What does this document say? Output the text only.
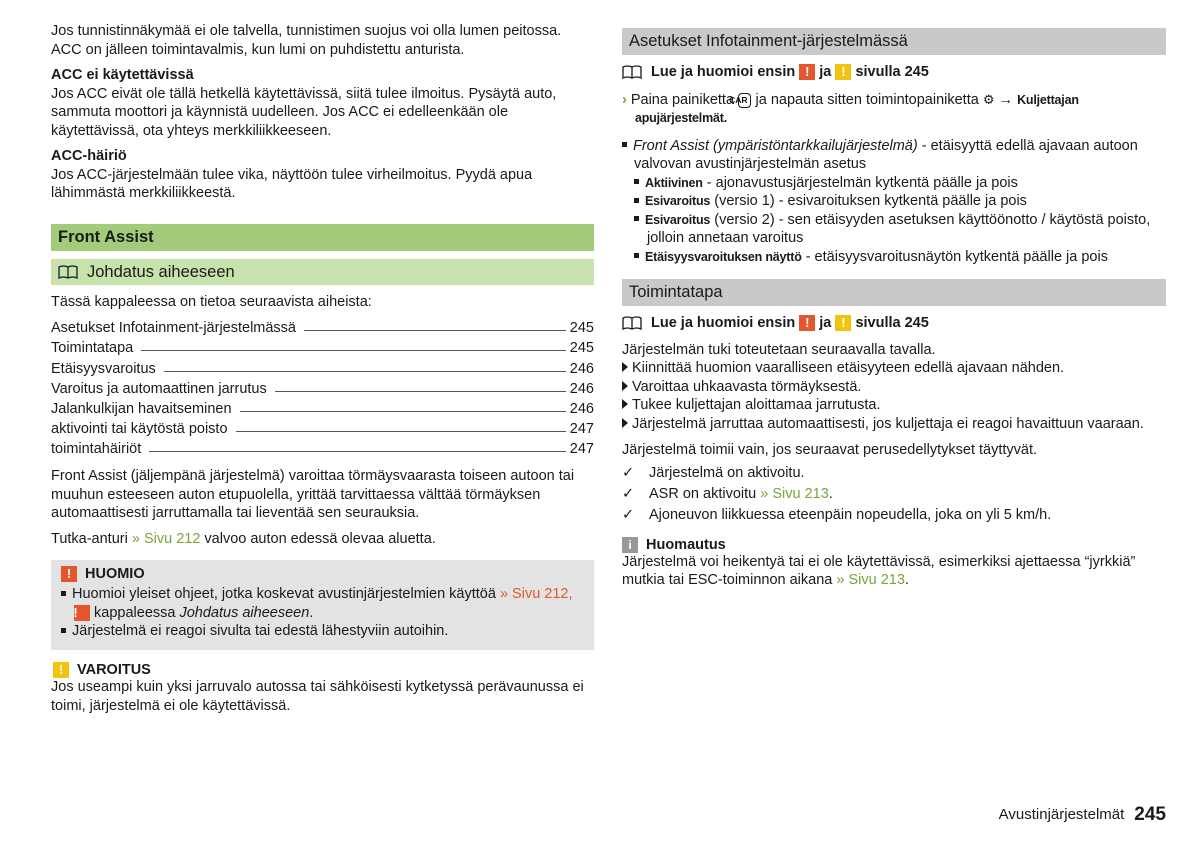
Jos tunnistinnäkymää ei ole talvella, tunnistimen suojus voi olla lumen peitossa. ACC on jälleen toimintavalmis, kun lumi on puhdistettu anturista.

ACC ei käytettävissä

Jos ACC eivät ole tällä hetkellä käytettävissä, siitä tulee ilmoitus. Pysäytä auto, sammuta moottori ja käynnistä uudelleen. Jos ACC ei edelleenkään ole käytettävissä, ota yhteys merkkiliikkeeseen.

ACC-häiriö

Jos ACC-järjestelmään tulee vika, näyttöön tulee virheilmoitus. Pyydä apua lähimmästä merkkiliikkeestä.

Front Assist
Johdatus aiheeseen

Tässä kappaleessa on tietoa seuraavista aiheista:

Asetukset Infotainment-järjestelmässä	245
Toimintatapa	245
Etäisyysvaroitus	246
Varoitus ja automaattinen jarrutus	246
Jalankulkijan havaitseminen	246
aktivointi tai käytöstä poisto	247
toimintahäiriöt	247

Front Assist (jäljempänä järjestelmä) varoittaa törmäysvaarasta toiseen autoon tai muuhun esteeseen auton etupuolella, yrittää tarvittaessa välttää törmäyksen automaattisesti jarruttamalla tai lieventää sen seurauksia.

Tutka-anturi » Sivu 212 valvoo auton edessä olevaa aluetta.

! HUOMIO

Huomioi yleiset ohjeet, jotka koskevat avustinjärjestelmien käyttöä » Sivu 212, ! kappaleessa Johdatus aiheeseen.

Järjestelmä ei reagoi sivulta tai edestä lähestyviin autoihin.

! VAROITUS

Jos useampi kuin yksi jarruvalo autossa tai sähköisesti kytketyssä perävaunussa ei toimi, järjestelmä ei ole käytettävissä.

Asetukset Infotainment-järjestelmässä

Lue ja huomioi ensin ! ja ! sivulla 245

› Paina painiketta CAR ja napauta sitten toimintopainiketta ⚙ → Kuljettajan apujärjestelmät.

Front Assist (ympäristöntarkkailujärjestelmä) - etäisyyttä edellä ajavaan autoon valvovan avustinjärjestelmän asetus

Aktiivinen - ajonavustusjärjestelmän kytkentä päälle ja pois

Esivaroitus (versio 1) - esivaroituksen kytkentä päälle ja pois

Esivaroitus (versio 2) - sen etäisyyden asetuksen käyttöönotto / käytöstä poisto, jolloin annetaan varoitus

Etäisyysvaroituksen näyttö - etäisyysvaroitusnäytön kytkentä päälle ja pois

Toimintatapa

Lue ja huomioi ensin ! ja ! sivulla 245

Järjestelmän tuki toteutetaan seuraavalla tavalla.

Kiinnittää huomion vaaralliseen etäisyyteen edellä ajavaan nähden.

Varoittaa uhkaavasta törmäyksestä.

Tukee kuljettajan aloittamaa jarrutusta.

Järjestelmä jarruttaa automaattisesti, jos kuljettaja ei reagoi havaittuun vaaraan.

Järjestelmä toimii vain, jos seuraavat perusedellytykset täyttyvät.

✓ Järjestelmä on aktivoitu.

✓ ASR on aktivoitu » Sivu 213.

✓ Ajoneuvon liikkuessa eteenpäin nopeudella, joka on yli 5 km/h.

i Huomautus

Järjestelmä voi heikentyä tai ei ole käytettävissä, esimerkiksi ajettaessa “jyrkkiä” mutkia tai ESC-toiminnon aikana » Sivu 213.

Avustinjärjestelmät 245
